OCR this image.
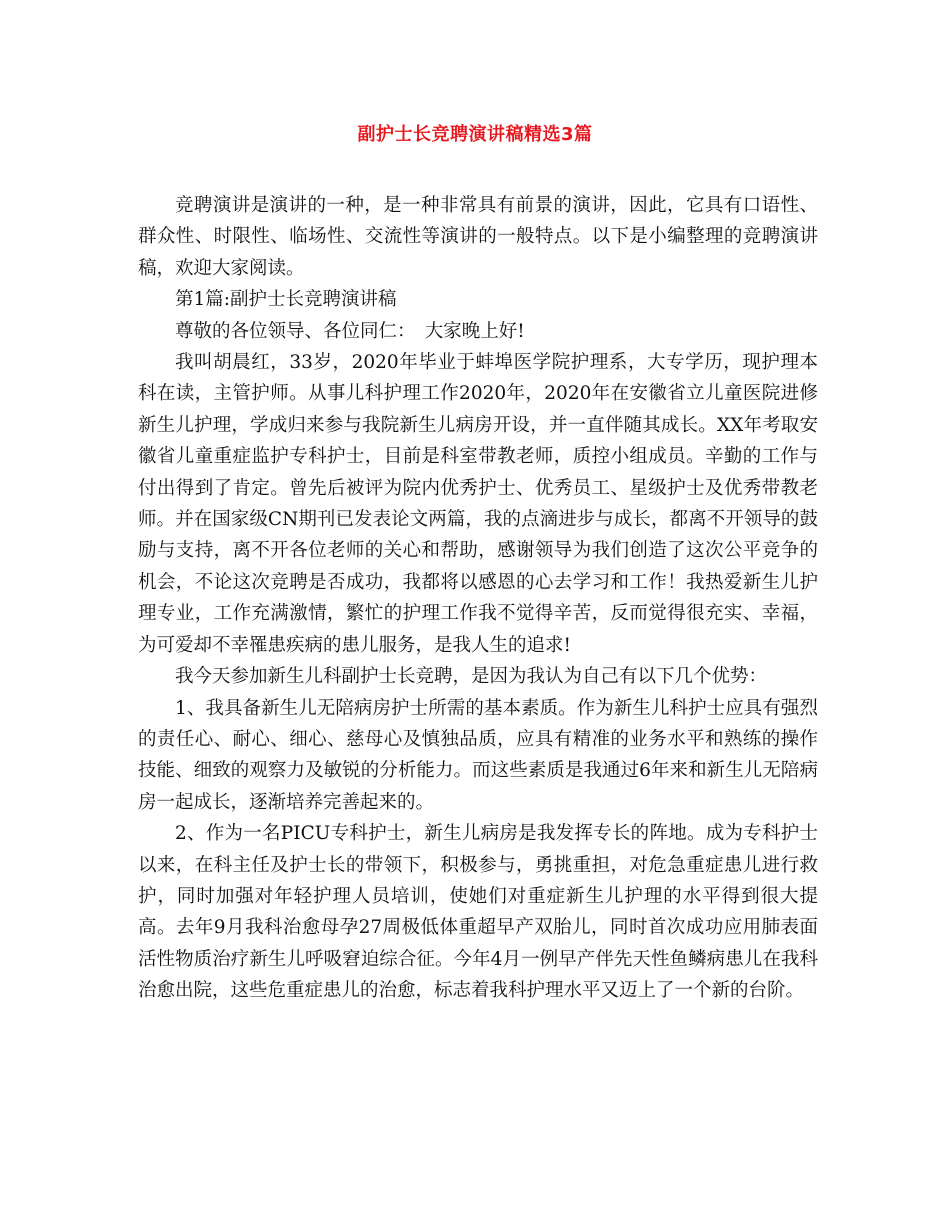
副护士长竞聘演讲稿精选3篇

竞聘演讲是演讲的一种，是一种非常具有前景的演讲，因此，它具有口语性、群众性、时限性、临场性、交流性等演讲的一般特点。以下是小编整理的竞聘演讲稿，欢迎大家阅读。

第1篇:副护士长竞聘演讲稿

尊敬的各位领导、各位同仁：　大家晚上好!

我叫胡晨红，33岁，2020年毕业于蚌埠医学院护理系，大专学历，现护理本科在读，主管护师。从事儿科护理工作2020年，2020年在安徽省立儿童医院进修新生儿护理，学成归来参与我院新生儿病房开设，并一直伴随其成长。XX年考取安徽省儿童重症监护专科护士，目前是科室带教老师，质控小组成员。辛勤的工作与付出得到了肯定。曾先后被评为院内优秀护士、优秀员工、星级护士及优秀带教老师。并在国家级CN期刊已发表论文两篇，我的点滴进步与成长，都离不开领导的鼓励与支持，离不开各位老师的关心和帮助，感谢领导为我们创造了这次公平竞争的机会，不论这次竞聘是否成功，我都将以感恩的心去学习和工作！我热爱新生儿护理专业，工作充满激情，繁忙的护理工作我不觉得辛苦，反而觉得很充实、幸福，为可爱却不幸罹患疾病的患儿服务，是我人生的追求!

我今天参加新生儿科副护士长竞聘，是因为我认为自己有以下几个优势：

1、我具备新生儿无陪病房护士所需的基本素质。作为新生儿科护士应具有强烈的责任心、耐心、细心、慈母心及慎独品质，应具有精准的业务水平和熟练的操作技能、细致的观察力及敏锐的分析能力。而这些素质是我通过6年来和新生儿无陪病房一起成长，逐渐培养完善起来的。

2、作为一名PICU专科护士，新生儿病房是我发挥专长的阵地。成为专科护士以来，在科主任及护士长的带领下，积极参与，勇挑重担，对危急重症患儿进行救护，同时加强对年轻护理人员培训，使她们对重症新生儿护理的水平得到很大提高。去年9月我科治愈母孕27周极低体重超早产双胎儿，同时首次成功应用肺表面活性物质治疗新生儿呼吸窘迫综合征。今年4月一例早产伴先天性鱼鳞病患儿在我科治愈出院，这些危重症患儿的治愈，标志着我科护理水平又迈上了一个新的台阶。
